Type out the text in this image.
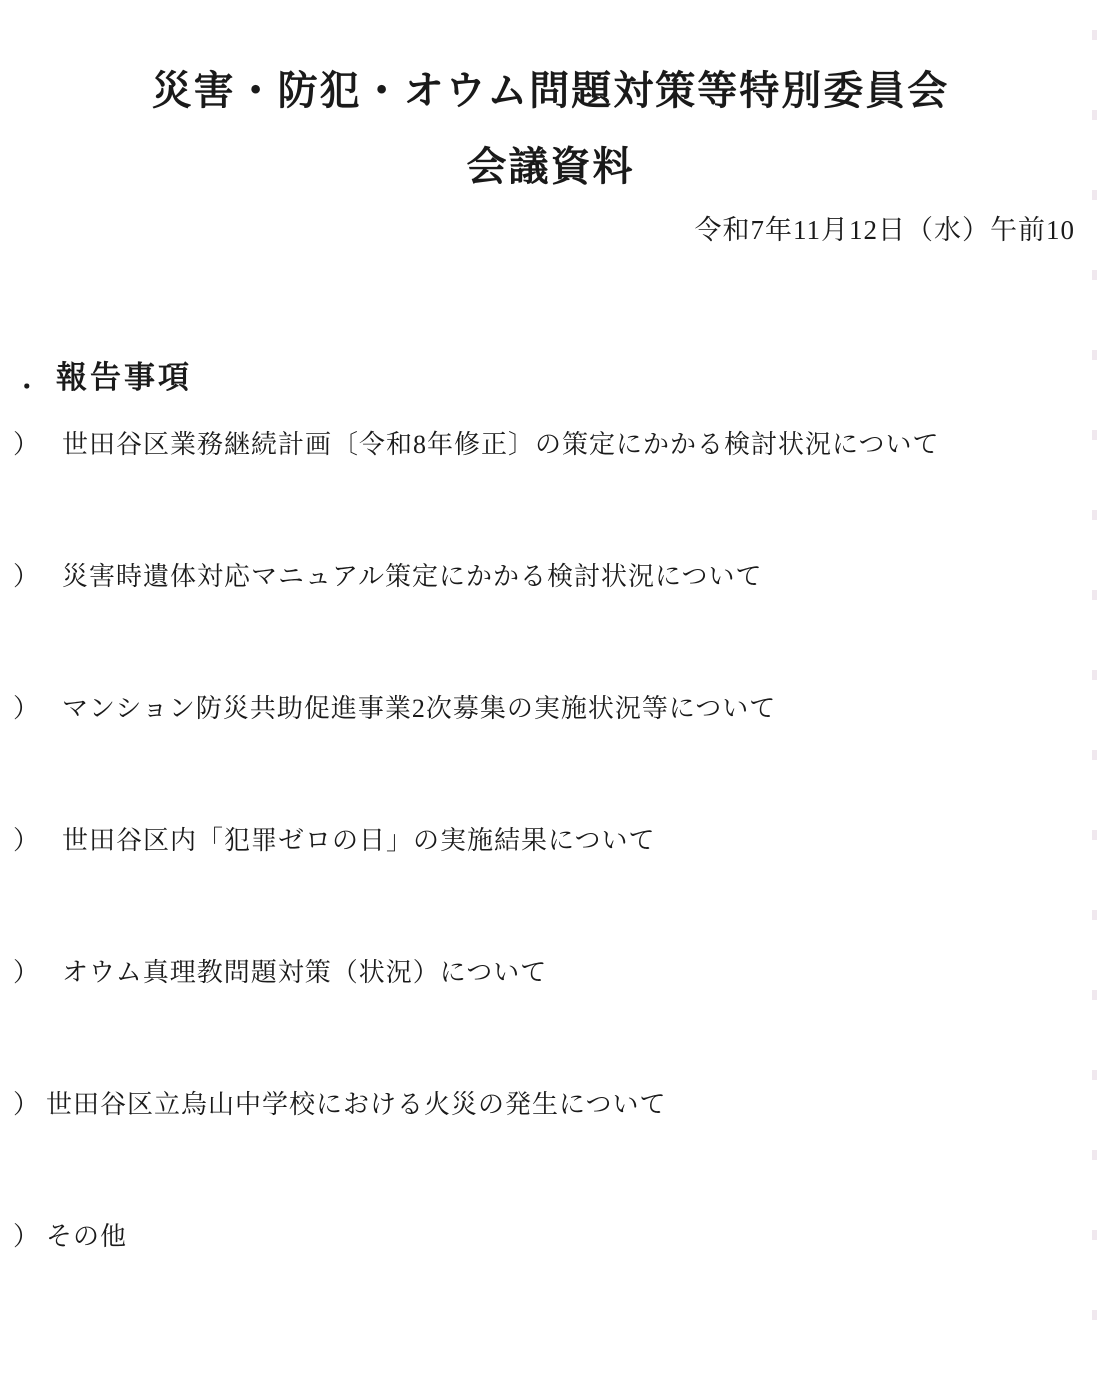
災害・防犯・オウム問題対策等特別委員会
会議資料
令和7年11月12日（水）午前10
．報告事項
） 世田谷区業務継続計画〔令和8年修正〕の策定にかかる検討状況について
） 災害時遺体対応マニュアル策定にかかる検討状況について
） マンション防災共助促進事業2次募集の実施状況等について
） 世田谷区内「犯罪ゼロの日」の実施結果について
） オウム真理教問題対策（状況）について
） 世田谷区立烏山中学校における火災の発生について
） その他
